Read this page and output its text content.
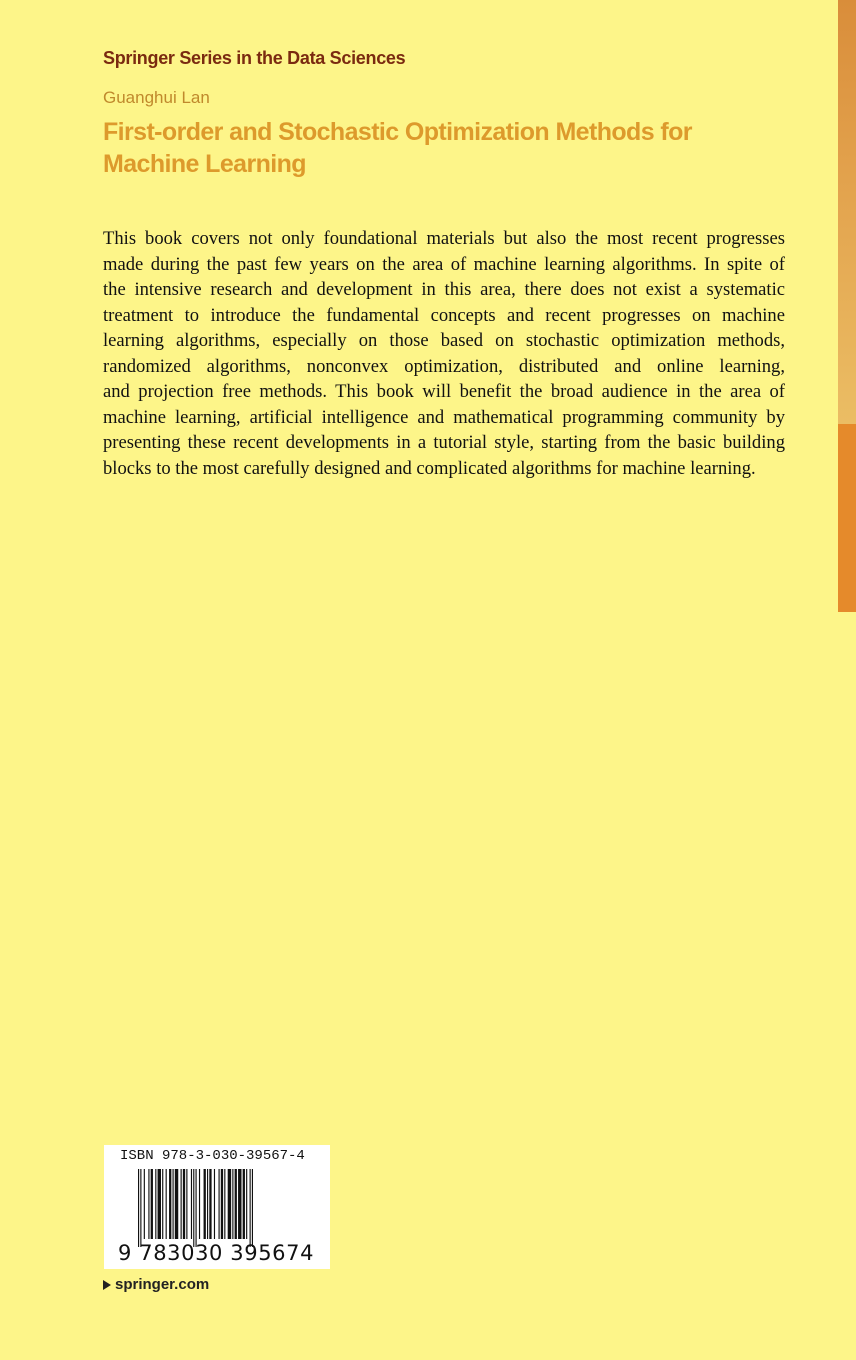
Springer Series in the Data Sciences
Guanghui Lan
First-order and Stochastic Optimization Methods for
Machine Learning
This book covers not only foundational materials but also the most recent progresses
made during the past few years on the area of machine learning algorithms. In spite of
the intensive research and development in this area, there does not exist a systematic
treatment to introduce the fundamental concepts and recent progresses on machine
learning algorithms, especially on those based on stochastic optimization methods,
randomized algorithms, nonconvex optimization, distributed and online learning,
and projection free methods. This book will benefit the broad audience in the area of
machine learning, artificial intelligence and mathematical programming community by
presenting these recent developments in a tutorial style, starting from the basic building
blocks to the most carefully designed and complicated algorithms for machine learning.
ISBN 978-3-030-39567-4
9 783030 395674
springer.com
